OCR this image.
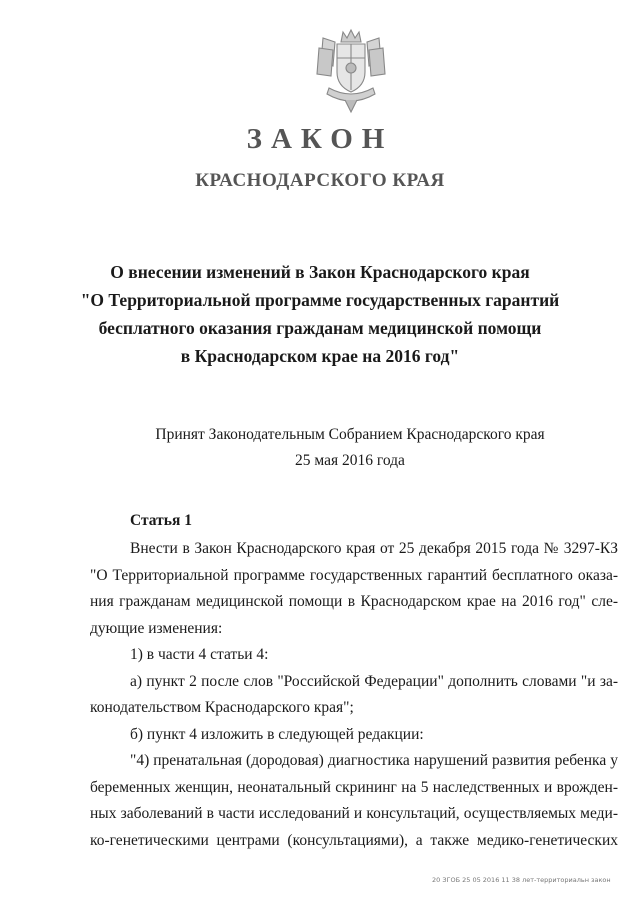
ЗАКОН
КРАСНОДАРСКОГО КРАЯ
О внесении изменений в Закон Краснодарского края
"О Территориальной программе государственных гарантий
бесплатного оказания гражданам медицинской помощи
в Краснодарском крае на 2016 год"
Принят Законодательным Собранием Краснодарского края
25 мая 2016 года
Статья 1
Внести в Закон Краснодарского края от 25 декабря 2015 года № 3297-КЗ
"О Территориальной программе государственных гарантий бесплатного оказа-
ния гражданам медицинской помощи в Краснодарском крае на 2016 год" сле-
дующие изменения:
1) в части 4 статьи 4:
а) пункт 2 после слов "Российской Федерации" дополнить словами "и за-
конодательством Краснодарского края";
б) пункт 4 изложить в следующей редакции:
"4) пренатальная (дородовая) диагностика нарушений развития ребенка у
беременных женщин, неонатальный скрининг на 5 наследственных и врожден-
ных заболеваний в части исследований и консультаций, осуществляемых меди-
ко-генетическими центрами (консультациями), а также медико-генетических
20 ЗГОБ 25 05 2016 11 38 лет-территориальн закон
